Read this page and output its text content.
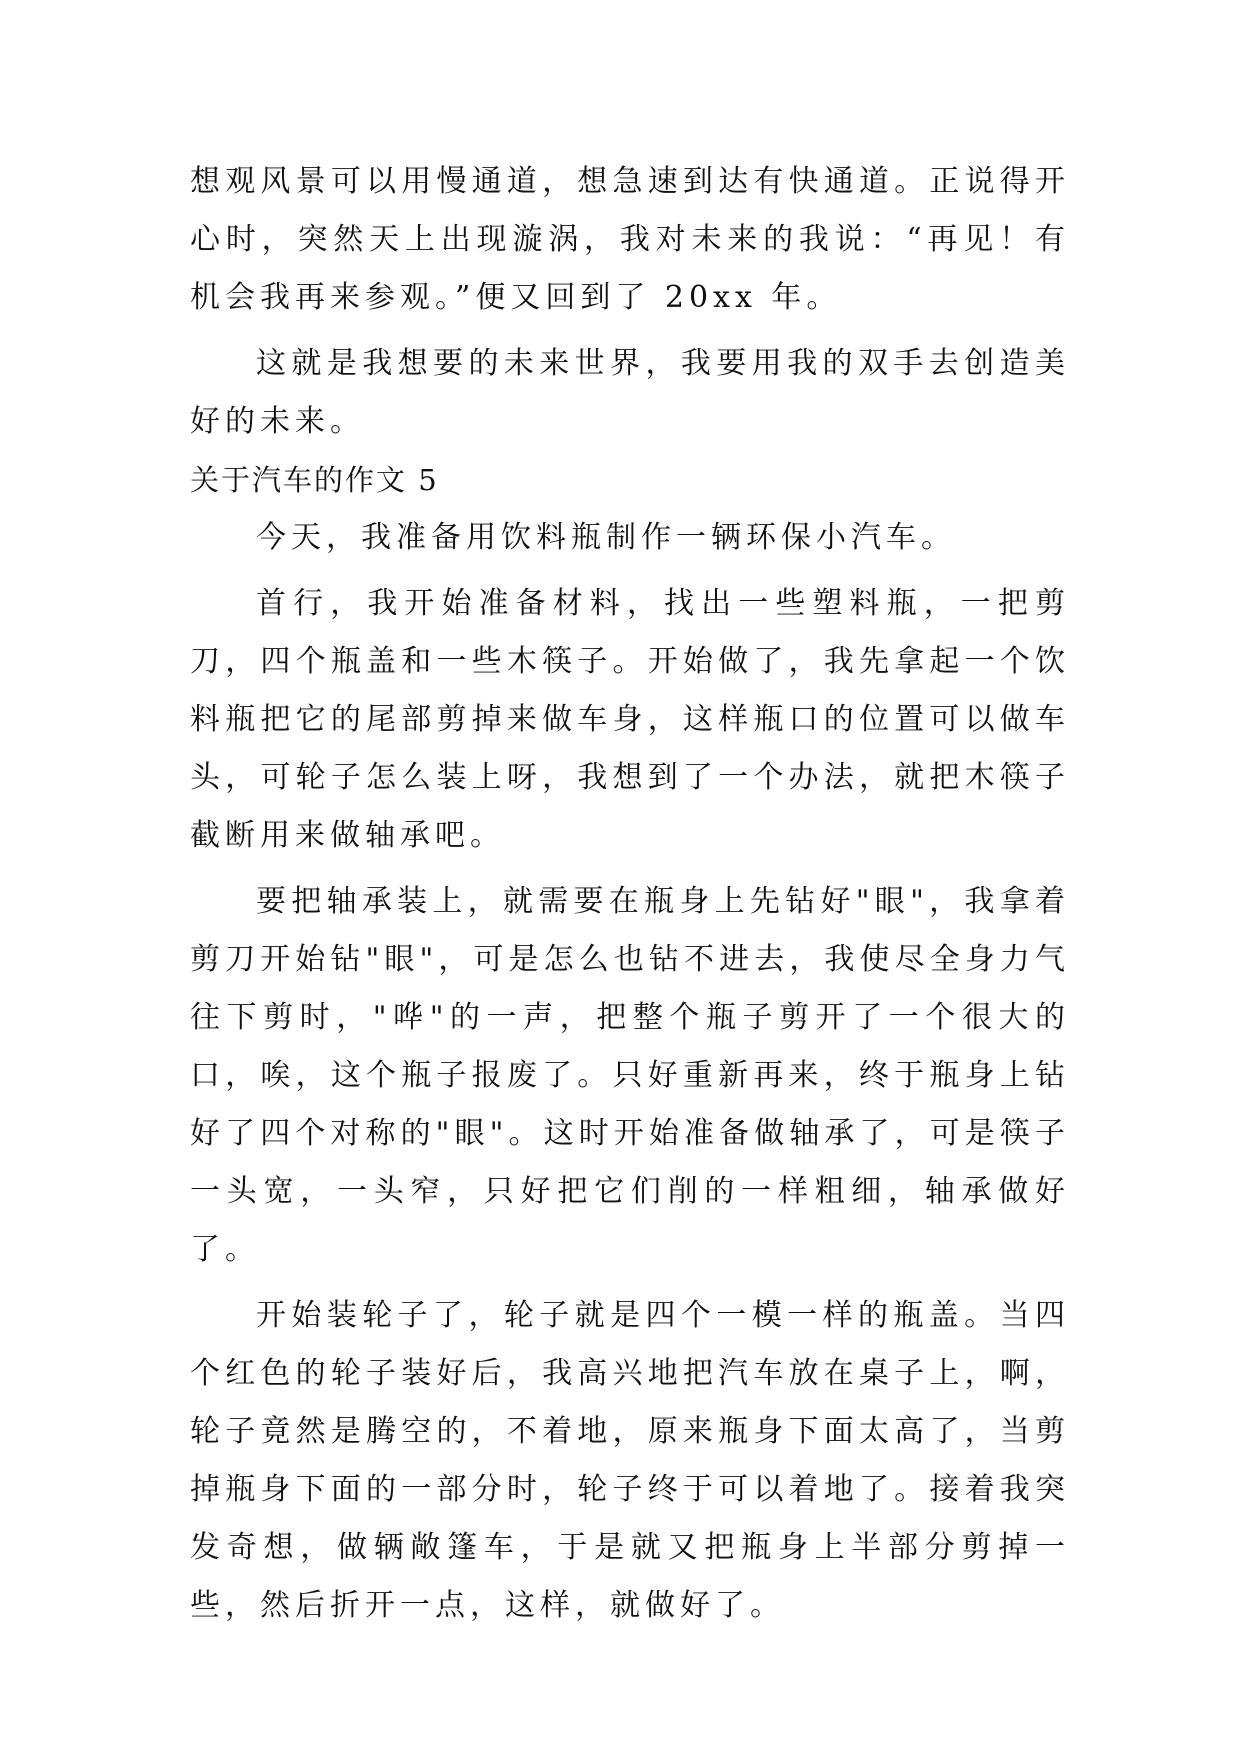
想观风景可以用慢通道，想急速到达有快通道。正说得开心时，突然天上出现漩涡，我对未来的我说：“再见！有机会我再来参观。”便又回到了 20xx 年。

这就是我想要的未来世界，我要用我的双手去创造美好的未来。

关于汽车的作文 5

今天，我准备用饮料瓶制作一辆环保小汽车。

首行，我开始准备材料，找出一些塑料瓶，一把剪刀，四个瓶盖和一些木筷子。开始做了，我先拿起一个饮料瓶把它的尾部剪掉来做车身，这样瓶口的位置可以做车头，可轮子怎么装上呀，我想到了一个办法，就把木筷子截断用来做轴承吧。

要把轴承装上，就需要在瓶身上先钻好"眼"，我拿着剪刀开始钻"眼"，可是怎么也钻不进去，我使尽全身力气往下剪时，"哗"的一声，把整个瓶子剪开了一个很大的口，唉，这个瓶子报废了。只好重新再来，终于瓶身上钻好了四个对称的"眼"。这时开始准备做轴承了，可是筷子一头宽，一头窄，只好把它们削的一样粗细，轴承做好了。

开始装轮子了，轮子就是四个一模一样的瓶盖。当四个红色的轮子装好后，我高兴地把汽车放在桌子上，啊，轮子竟然是腾空的，不着地，原来瓶身下面太高了，当剪掉瓶身下面的一部分时，轮子终于可以着地了。接着我突发奇想，做辆敞篷车，于是就又把瓶身上半部分剪掉一些，然后折开一点，这样，就做好了。
